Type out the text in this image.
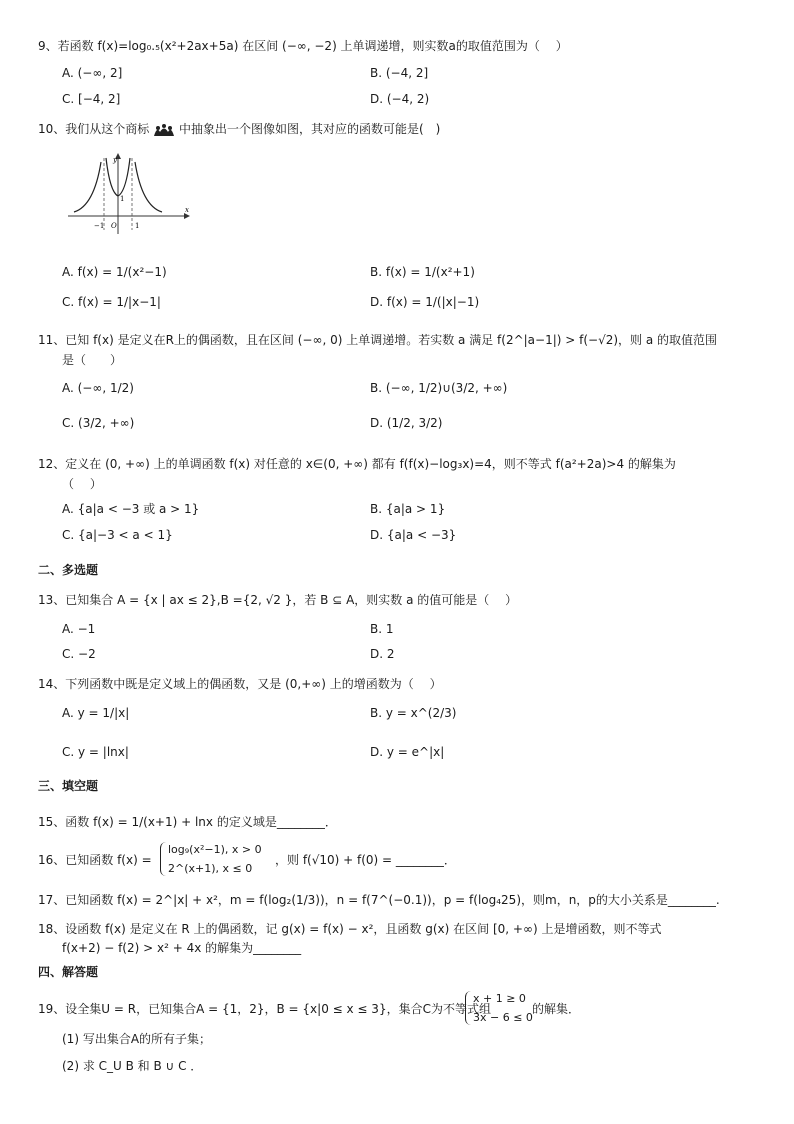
9、若函数 f(x)=log₀.₅(x²+2ax+5a) 在区间 (−∞, −2) 上单调递增，则实数a的取值范围为（　 ）
A. (−∞, 2]	B. (−4, 2]
C. [−4, 2]	D. (−4, 2)
10、我们从这个商标 中抽象出一个图像如图，其对应的函数可能是(　)
y
x
O
−1	1
1
A. f(x) = 1/(x²−1)	B. f(x) = 1/(x²+1)
C. f(x) = 1/|x−1|	D. f(x) = 1/(|x|−1)
11、已知 f(x) 是定义在R上的偶函数，且在区间 (−∞, 0) 上单调递增。若实数 a 满足 f(2^|a−1|) > f(−√2)，则 a 的取值范围
是（　　）
A. (−∞, 1/2)	B. (−∞, 1/2)∪(3/2, +∞)
C. (3/2, +∞)	D. (1/2, 3/2)
12、定义在 (0, +∞) 上的单调函数 f(x) 对任意的 x∈(0, +∞) 都有 f(f(x)−log₃x)=4，则不等式 f(a²+2a)>4 的解集为
（　 ）
A. {a|a < −3 或 a > 1}	B. {a|a > 1}
C. {a|−3 < a < 1}	D. {a|a < −3}
二、多选题
13、已知集合 A = {x | ax ≤ 2},B ={2, √2 }，若 B ⊆ A，则实数 a 的值可能是（　 ）
A. −1	B. 1
C. −2	D. 2
14、下列函数中既是定义域上的偶函数，又是 (0,+∞) 上的增函数为（　 ）
A. y = 1/|x|	B. y = x^(2/3)
C. y = |lnx|	D. y = e^|x|
三、填空题
15、函数 f(x) = 1/(x+1) + lnx 的定义域是________．
16、已知函数 f(x) =
log₉(x²−1), x > 0
2^(x+1), x ≤ 0
，则 f(√10) + f(0) = ________．
17、已知函数 f(x) = 2^|x| + x²，m = f(log₂(1/3))，n = f(7^(−0.1))，p = f(log₄25)，则m，n，p的大小关系是________.
18、设函数 f(x) 是定义在 R 上的偶函数，记 g(x) = f(x) − x²，且函数 g(x) 在区间 [0, +∞) 上是增函数，则不等式
f(x+2) − f(2) > x² + 4x 的解集为________
四、解答题
19、设全集U = R，已知集合A = {1，2}，B = {x|0 ≤ x ≤ 3}，集合C为不等式组
x + 1 ≥ 0
3x − 6 ≤ 0
的解集．
(1) 写出集合A的所有子集；
(2) 求 C_U B 和 B ∪ C ．
